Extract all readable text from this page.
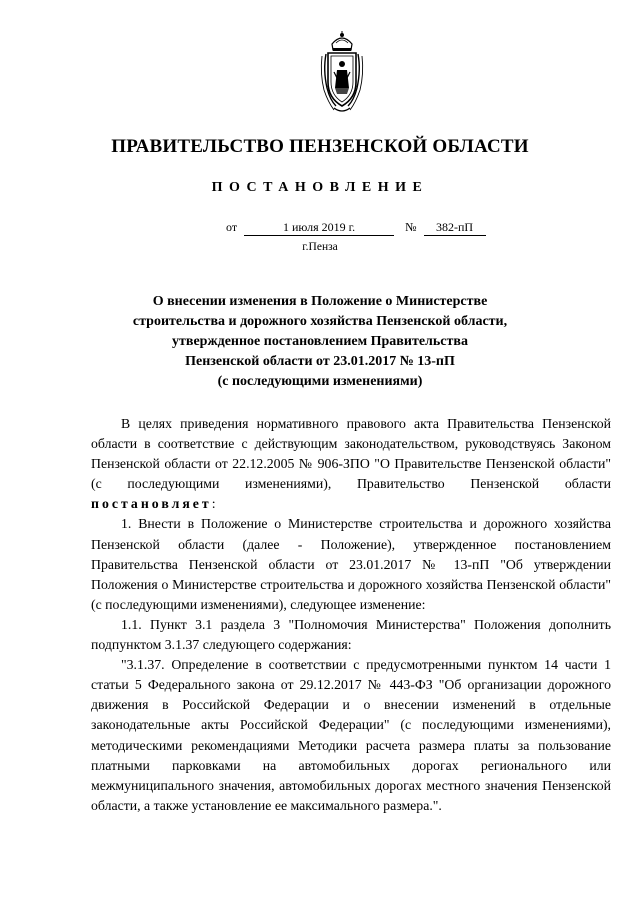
ПРАВИТЕЛЬСТВО ПЕНЗЕНСКОЙ ОБЛАСТИ
ПОСТАНОВЛЕНИЕ
от	1 июля 2019 г.	№ 382-пП
г.Пенза
О внесении изменения в Положение о Министерстве
строительства и дорожного хозяйства Пензенской области,
утвержденное постановлением Правительства
Пензенской области от 23.01.2017 № 13-пП
(с последующими изменениями)

В целях приведения нормативного правового акта Правительства Пензенской области в соответствие с действующим законодательством, руководствуясь Законом Пензенской области от 22.12.2005 № 906-ЗПО "О Правительстве Пензенской области" (с последующими изменениями), Правительство Пензенской области постановляет:

1. Внести в Положение о Министерстве строительства и дорожного хозяйства Пензенской области (далее - Положение), утвержденное постановлением Правительства Пензенской области от 23.01.2017 № 13-пП "Об утверждении Положения о Министерстве строительства и дорожного хозяйства Пензенской области" (с последующими изменениями), следующее изменение:

1.1. Пункт 3.1 раздела 3 "Полномочия Министерства" Положения дополнить подпунктом 3.1.37 следующего содержания:

"3.1.37. Определение в соответствии с предусмотренными пунктом 14 части 1 статьи 5 Федерального закона от 29.12.2017 № 443-ФЗ "Об организации дорожного движения в Российской Федерации и о внесении изменений в отдельные законодательные акты Российской Федерации" (с последующими изменениями), методическими рекомендациями Методики расчета размера платы за пользование платными парковками на автомобильных дорогах регионального или межмуниципального значения, автомобильных дорогах местного значения Пензенской области, а также установление ее максимального размера.".
